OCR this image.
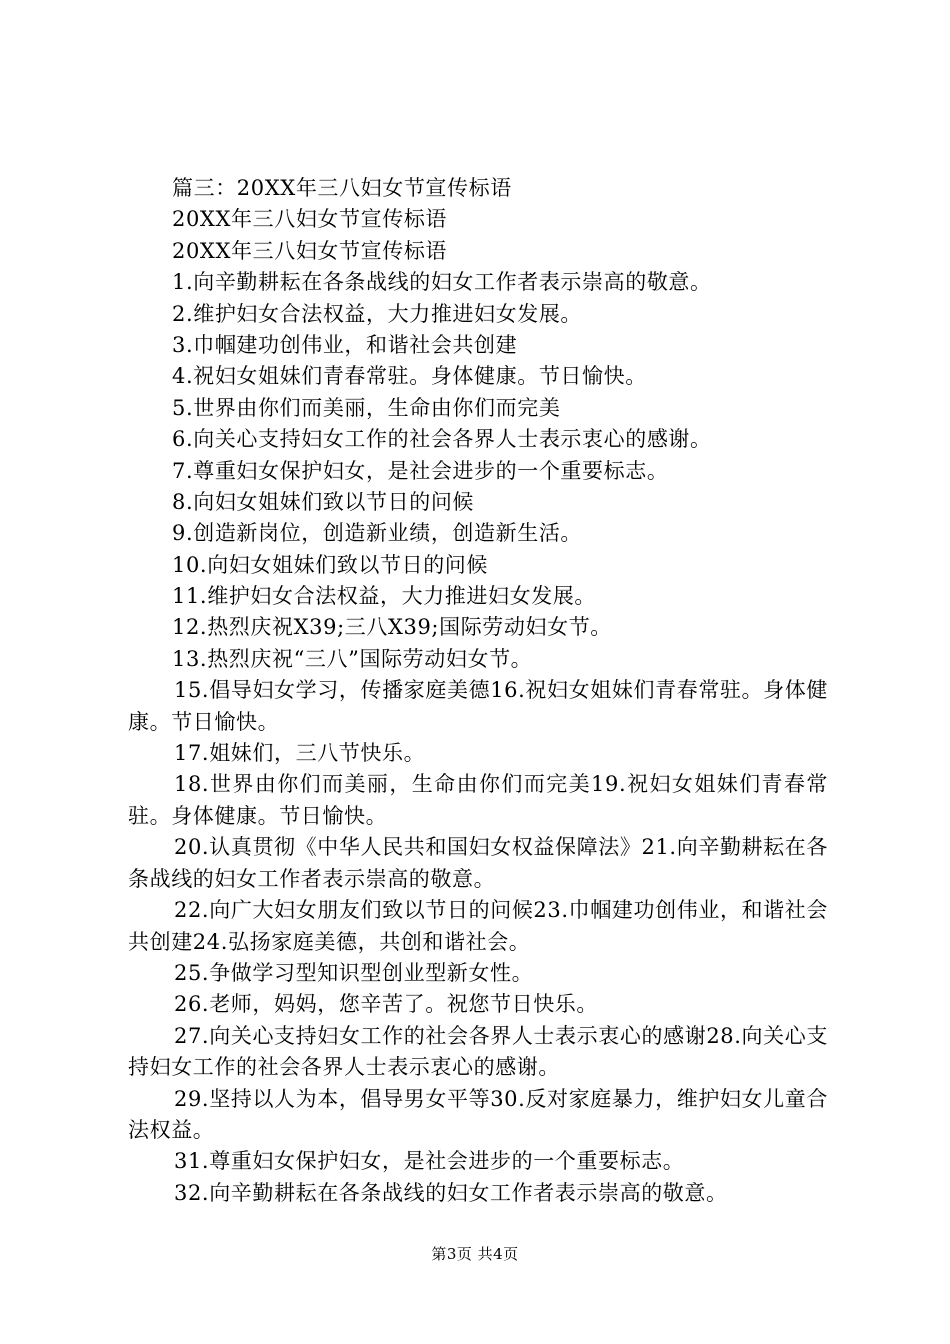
篇三：20XX年三八妇女节宣传标语
20XX年三八妇女节宣传标语
20XX年三八妇女节宣传标语
1.向辛勤耕耘在各条战线的妇女工作者表示崇高的敬意。
2.维护妇女合法权益，大力推进妇女发展。
3.巾帼建功创伟业，和谐社会共创建
4.祝妇女姐妹们青春常驻。身体健康。节日愉快。
5.世界由你们而美丽，生命由你们而完美
6.向关心支持妇女工作的社会各界人士表示衷心的感谢。
7.尊重妇女保护妇女，是社会进步的一个重要标志。
8.向妇女姐妹们致以节日的问候
9.创造新岗位，创造新业绩，创造新生活。
10.向妇女姐妹们致以节日的问候
11.维护妇女合法权益，大力推进妇女发展。
12.热烈庆祝X39;三八X39;国际劳动妇女节。
13.热烈庆祝“三八”国际劳动妇女节。

15.倡导妇女学习，传播家庭美德16.祝妇女姐妹们青春常驻。身体健康。节日愉快。

17.姐妹们，三八节快乐。

18.世界由你们而美丽，生命由你们而完美19.祝妇女姐妹们青春常驻。身体健康。节日愉快。

20.认真贯彻《中华人民共和国妇女权益保障法》21.向辛勤耕耘在各条战线的妇女工作者表示崇高的敬意。

22.向广大妇女朋友们致以节日的问候23.巾帼建功创伟业，和谐社会共创建24.弘扬家庭美德，共创和谐社会。

25.争做学习型知识型创业型新女性。

26.老师，妈妈，您辛苦了。祝您节日快乐。

27.向关心支持妇女工作的社会各界人士表示衷心的感谢28.向关心支持妇女工作的社会各界人士表示衷心的感谢。

29.坚持以人为本，倡导男女平等30.反对家庭暴力，维护妇女儿童合法权益。

31.尊重妇女保护妇女，是社会进步的一个重要标志。

32.向辛勤耕耘在各条战线的妇女工作者表示崇高的敬意。

第3页 共4页
